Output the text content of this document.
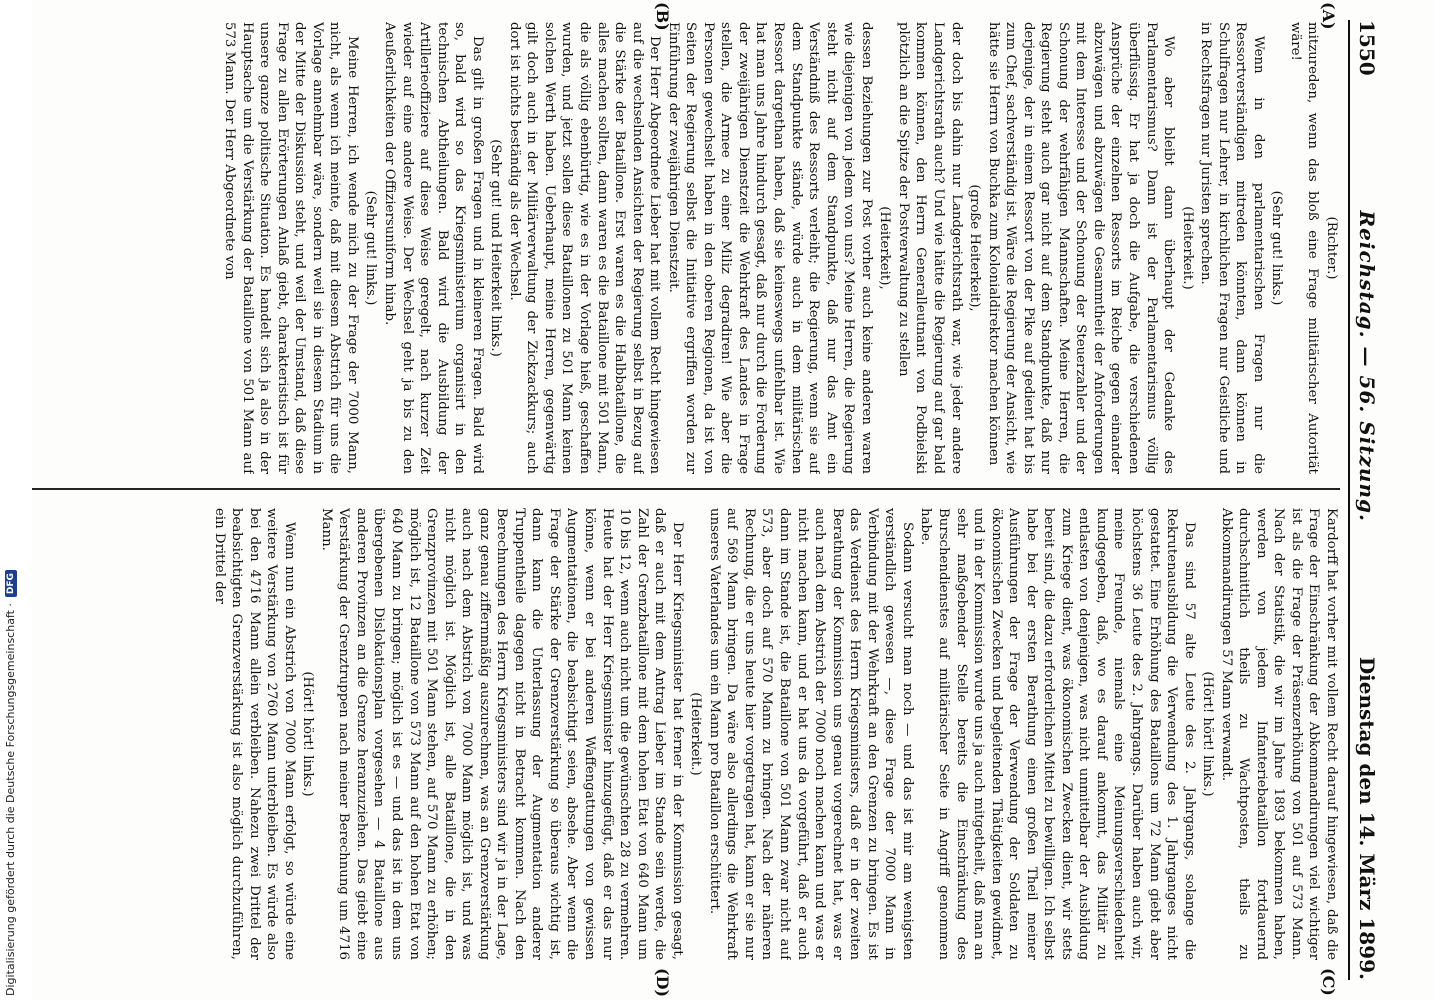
1550
Reichstag. — 56. Sitzung.
Dienstag den 14. März 1899.
(A)
(B)
(C)
(D)

(Richter.)

mitzureden, wenn das bloß eine Frage militärischer Autorität wäre!

(Sehr gut! links.)

Wenn in den parlamentarischen Fragen nur die Ressortverständigen mitreden könnten, dann können in Schulfragen nur Lehrer, in kirchlichen Fragen nur Geistliche und in Rechtsfragen nur Juristen sprechen.

(Heiterkeit.)

Wo aber bleibt dann überhaupt der Gedanke des Parlamentarismus? Dann ist der Parlamentarismus völlig überflüssig. Er hat ja doch die Aufgabe, die verschiedenen Ansprüche der einzelnen Ressorts im Reiche gegen einander abzuwägen und abzuwägen die Gesammtheit der Anforderungen mit dem Interesse und der Schonung der Steuerzahler und der Schonung der wehrfähigen Mannschaften. Meine Herren, die Regierung steht auch gar nicht auf dem Standpunkte, daß nur derjenige, der in einem Ressort von der Pike auf gedient hat bis zum Chef, sachverständig ist. Wäre die Regierung der Ansicht, wie hätte sie Herrn von Buchka zum Kolonialdirektor machen können

(große Heiterkeit),

der doch bis dahin nur Landgerichtsrath war, wie jeder andere Landgerichtsrath auch? Und wie hätte die Regierung auf gar bald kommen können, den Herrn Generalleutnant von Podbielski plötzlich an die Spitze der Postverwaltung zu stellen

(Heiterkeit),

dessen Beziehungen zur Post vorher auch keine anderen waren wie diejenigen von jedem von uns? Meine Herren, die Regierung steht nicht auf dem Standpunkte, daß nur das Amt ein Verständniß des Ressorts verleiht; die Regierung, wenn sie auf dem Standpunkte stände, würde auch in dem militärischen Ressort dargethan haben, daß sie keineswegs unfehlbar ist. Wie hat man uns Jahre hindurch gesagt, daß nur durch die Forderung der zweijährigen Dienstzeit die Wehrkraft des Landes in Frage stellen, die Armee zu einer Miliz degradiren! Wie aber die Personen gewechselt haben in den oberen Regionen, da ist von Seiten der Regierung selbst die Initiative ergriffen worden zur Einführung der zweijährigen Dienstzeit.

Der Herr Abgeordnete Lieber hat mit vollem Recht hingewiesen auf die wechselnden Ansichten der Regierung selbst in Bezug auf die Stärke der Bataillone. Erst waren es die Halbbataillone, die alles machen sollten, dann waren es die Bataillone mit 501 Mann, die als völlig ebenbürtig, wie es in der Vorlage hieß, geschaffen wurden, und jetzt sollen diese Bataillonen zu 501 Mann keinen solchen Werth haben. Ueberhaupt, meine Herren, gegenwärtig gilt doch auch in der Militärverwaltung der Zickzackkurs; auch dort ist nichts beständig als der Wechsel.

(Sehr gut! und Heiterkeit links.)

Das gilt in großen Fragen und in kleineren Fragen. Bald wird so, bald wird so das Kriegsministerium organisirt in den technischen Abtheilungen. Bald wird die Ausbildung der Artillerieoffiziere auf diese Weise geregelt, nach kurzer Zeit wieder auf eine andere Weise. Der Wechsel geht ja bis zu den Aeußerlichkeiten der Offiziersuniform hinab.

(Sehr gut! links.)

Meine Herren, ich wende mich zu der Frage der 7000 Mann, nicht, als wenn ich meinte, daß mit diesem Abstrich für uns die Vorlage annehmbar wäre, sondern weil sie in diesem Stadium in der Mitte der Diskussion steht, und weil der Umstand, daß diese Frage zu allen Erörterungen Anlaß giebt, charakteristisch ist für unsere ganze politische Situation. Es handelt sich ja also in der Hauptsache um die Verstärkung der Bataillone von 501 Mann auf 573 Mann. Der Herr Abgeordnete von

Kardorff hat vorher mit vollem Recht darauf hingewiesen, daß die Frage der Einschränkung der Abkommandirungen viel wichtiger ist als die Frage der Präsenzerhöhung von 501 auf 573 Mann. Nach der Statistik, die wir im Jahre 1893 bekommen haben, werden von jedem Infanteriebataillon fortdauernd durchschnittlich theils zu Wachtposten, theils zu Abkommandirungen 57 Mann verwandt.

(Hört! hört! links.)

Das sind 57 alte Leute des 2. Jahrgangs, solange die Rekrutenausbildung die Verwendung des 1. Jahrganges nicht gestattet. Eine Erhöhung des Bataillons um 72 Mann giebt aber höchstens 36 Leute des 2. Jahrgangs. Darüber haben auch wir, meine Freunde, niemals eine Meinungsverschiedenheit kundgegeben, daß, wo es darauf ankommt, das Militär zu entlasten von denjenigen, was nicht unmittelbar der Ausbildung zum Kriege dient, was ökonomischen Zwecken dient, wir stets bereit sind, die dazu erforderlichen Mittel zu bewilligen. Ich selbst habe bei der ersten Berathung einen großen Theil meiner Ausführungen der Frage der Verwendung der Soldaten zu ökonomischen Zwecken und begleitenden Thätigkeiten gewidmet, und in der Kommission wurde uns ja auch mitgetheilt, daß man an sehr maßgebender Stelle bereits die Einschränkung des Burschendienstes auf militärischer Seite in Angriff genommen habe.

Sodann versucht man noch — und das ist mir am wenigsten verständlich gewesen —, diese Frage der 7000 Mann in Verbindung mit der Wehrkraft an den Grenzen zu bringen. Es ist das Verdienst des Herrn Kriegsministers, daß er in der zweiten Berathung der Kommission uns genau vorgerechnet hat, was er auch nach dem Abstrich der 7000 noch machen kann und was er nicht machen kann, und er hat uns da vorgeführt, daß er auch dann im Stande ist, die Bataillone von 501 Mann zwar nicht auf 573, aber doch auf 570 Mann zu bringen. Nach der näheren Rechnung, die er uns heute hier vorgetragen hat, kann er sie nur auf 569 Mann bringen. Da wäre also allerdings die Wehrkraft unseres Vaterlandes um ein Mann pro Bataillon erschüttert.

(Heiterkeit.)

Der Herr Kriegsminister hat ferner in der Kommission gesagt, daß er auch mit dem Antrag Lieber im Stande sein werde, die Zahl der Grenzbataillone mit dem hohen Etat von 640 Mann um 10 bis 12, wenn auch nicht um die gewünschten 28 zu vermehren. Heute hat der Herr Kriegsminister hinzugefügt, daß er das nur könne, wenn er bei anderen Waffengattungen von gewissen Augmentationen, die beabsichtigt seien, absehe. Aber wenn die Frage der Stärke der Grenzverstärkung so überaus wichtig ist, dann kann die Unterlassung der Augmentation anderer Truppentheile dagegen nicht in Betracht kommen. Nach den Berechnungen des Herrn Kriegsministers sind wir ja in der Lage, ganz genau ziffernmäßig auszurechnen, was an Grenzverstärkung auch nach dem Abstrich von 7000 Mann möglich ist, und was nicht möglich ist. Möglich ist, alle Bataillone, die in den Grenzprovinzen mit 501 Mann stehen, auf 570 Mann zu erhöhen; möglich ist, 12 Bataillone von 573 Mann auf den hohen Etat von 640 Mann zu bringen; möglich ist es — und das ist in dem uns übergebenen Dislokationsplan vorgesehen — 4 Bataillone aus anderen Provinzen an die Grenze heranzuziehen. Das giebt eine Verstärkung der Grenztruppen nach meiner Berechnung um 4716 Mann.

(Hört! hört! links.)

Wenn nun ein Abstrich von 7000 Mann erfolgt, so würde eine weitere Verstärkung von 2760 Mann unterbleiben. Es würde also bei den 4716 Mann allein verbleiben. Nahezu zwei Drittel der beabsichtigten Grenzverstärkung ist also möglich durchzuführen, ein Drittel der

Digitalisierung gefördert durch die Deutsche Forschungsgemeinschaft ·
DFG
